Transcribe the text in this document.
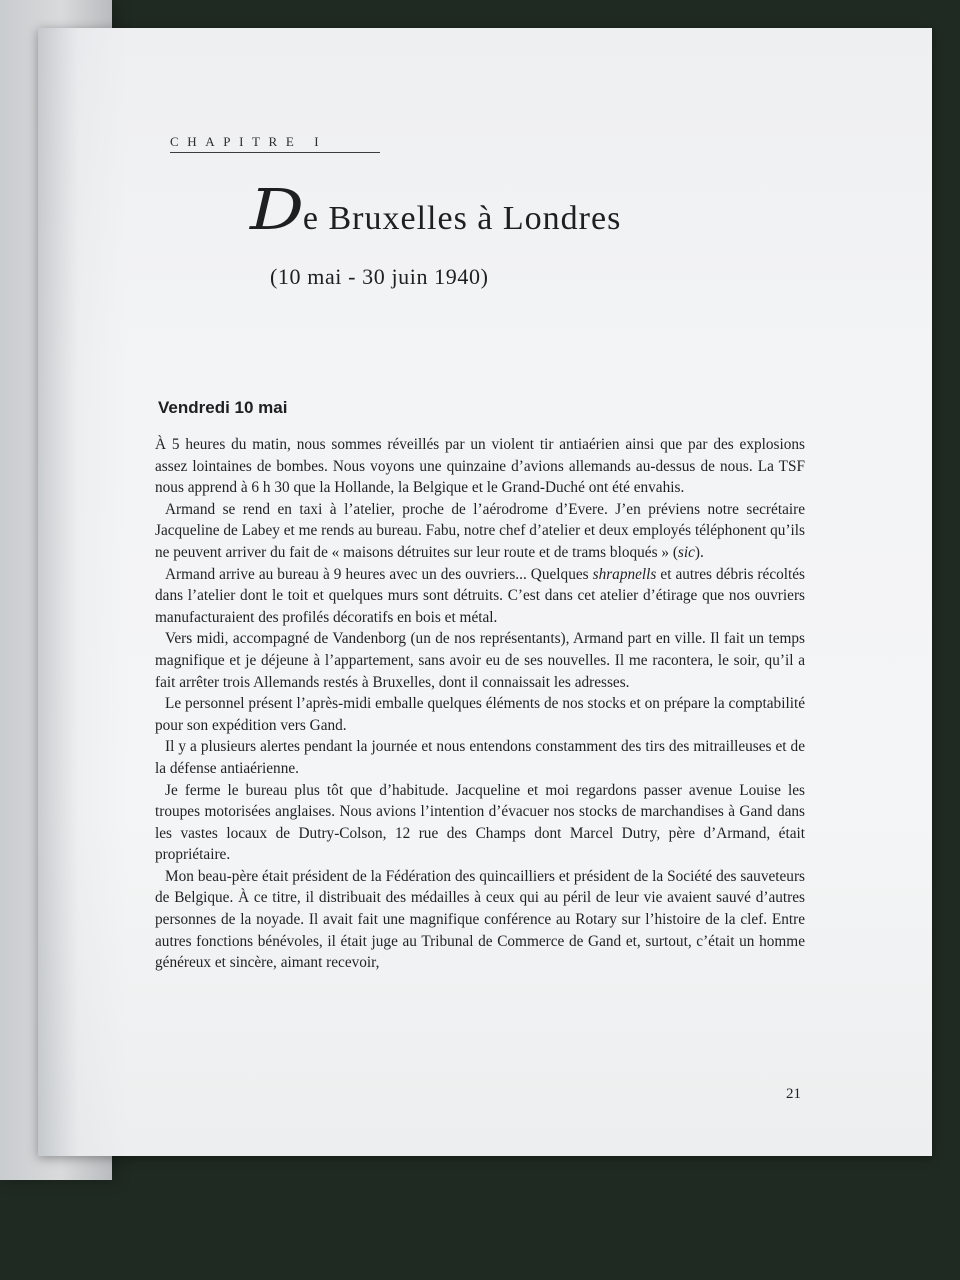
CHAPITRE I
De Bruxelles à Londres
(10 mai - 30 juin 1940)
Vendredi 10 mai

À 5 heures du matin, nous sommes réveillés par un violent tir antiaérien ainsi que par des explosions assez lointaines de bombes. Nous voyons une quinzaine d’avions allemands au-dessus de nous. La TSF nous apprend à 6 h 30 que la Hollande, la Belgique et le Grand-Duché ont été envahis.

Armand se rend en taxi à l’atelier, proche de l’aérodrome d’Evere. J’en préviens notre secrétaire Jacqueline de Labey et me rends au bureau. Fabu, notre chef d’atelier et deux employés téléphonent qu’ils ne peuvent arriver du fait de « maisons détruites sur leur route et de trams bloqués » (sic).

Armand arrive au bureau à 9 heures avec un des ouvriers... Quelques shrapnells et autres débris récoltés dans l’atelier dont le toit et quelques murs sont détruits. C’est dans cet atelier d’étirage que nos ouvriers manufacturaient des profilés décoratifs en bois et métal.

Vers midi, accompagné de Vandenborg (un de nos représentants), Armand part en ville. Il fait un temps magnifique et je déjeune à l’appartement, sans avoir eu de ses nouvelles. Il me racontera, le soir, qu’il a fait arrêter trois Allemands restés à Bruxelles, dont il connaissait les adresses.

Le personnel présent l’après-midi emballe quelques éléments de nos stocks et on prépare la comptabilité pour son expédition vers Gand.

Il y a plusieurs alertes pendant la journée et nous entendons constamment des tirs des mitrailleuses et de la défense antiaérienne.

Je ferme le bureau plus tôt que d’habitude. Jacqueline et moi regardons passer avenue Louise les troupes motorisées anglaises. Nous avions l’intention d’évacuer nos stocks de marchandises à Gand dans les vastes locaux de Dutry-Colson, 12 rue des Champs dont Marcel Dutry, père d’Armand, était propriétaire.

Mon beau-père était président de la Fédération des quincailliers et président de la Société des sauveteurs de Belgique. À ce titre, il distribuait des médailles à ceux qui au péril de leur vie avaient sauvé d’autres personnes de la noyade. Il avait fait une magnifique conférence au Rotary sur l’histoire de la clef. Entre autres fonctions bénévoles, il était juge au Tribunal de Commerce de Gand et, surtout, c’était un homme généreux et sincère, aimant recevoir,

21
